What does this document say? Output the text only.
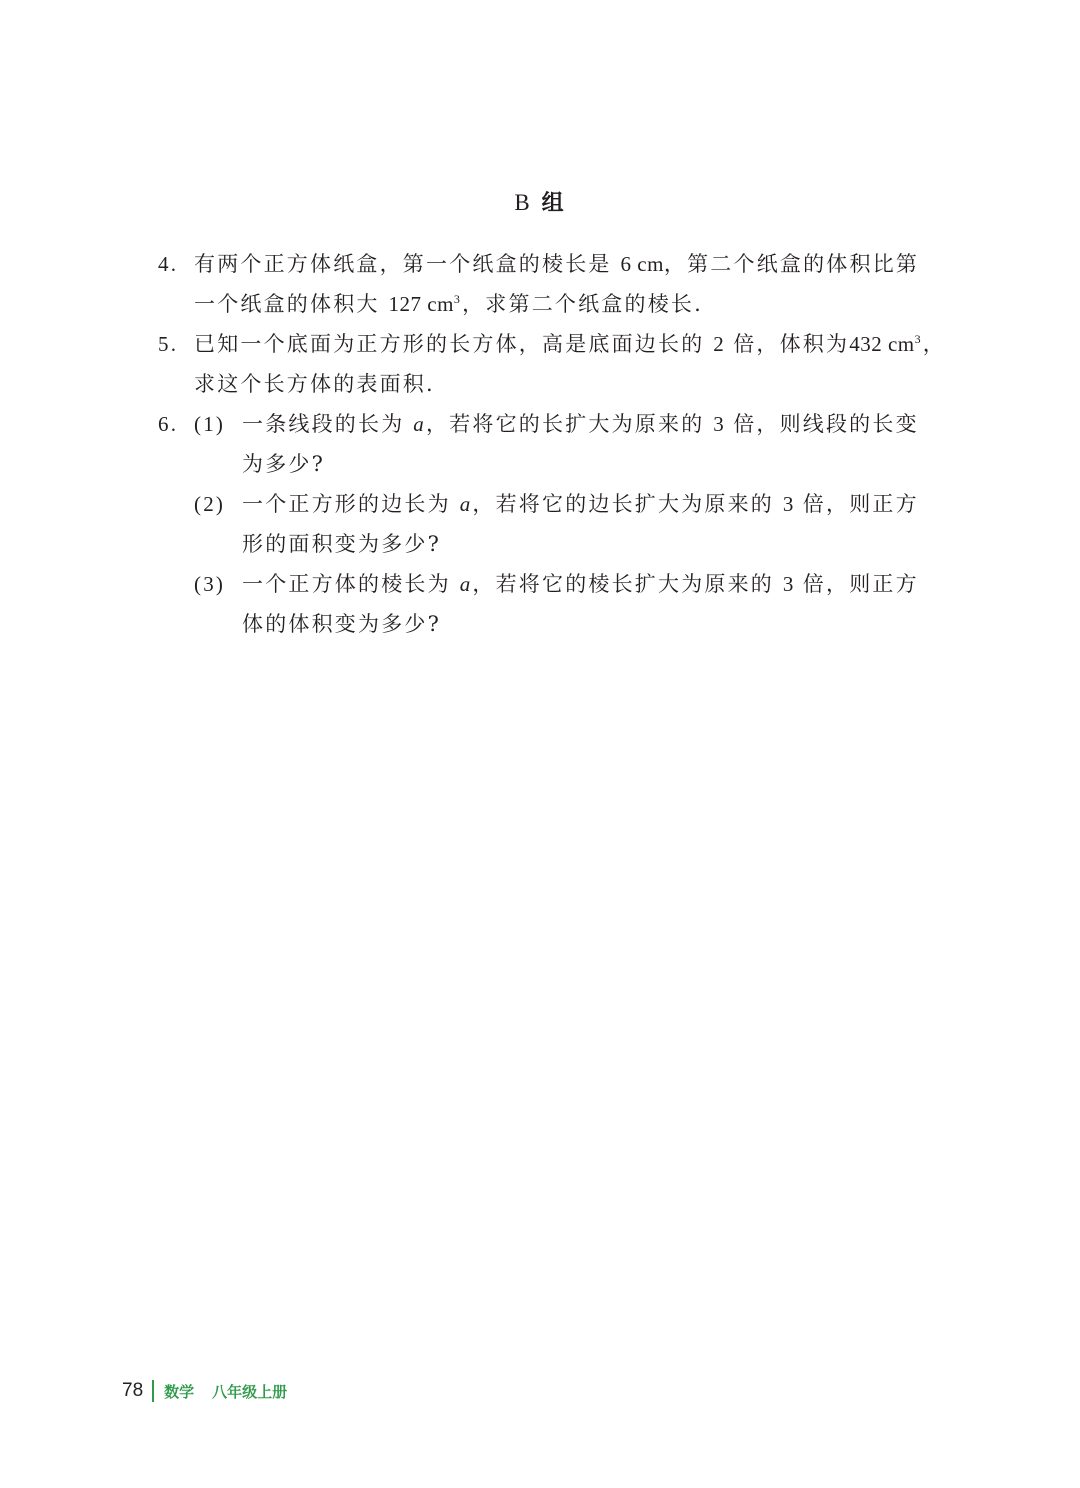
B 组
4. 有两个正方体纸盒，第一个纸盒的棱长是 6 cm，第二个纸盒的体积比第
一个纸盒的体积大 127 $cm^3$，求第二个纸盒的棱长.
5. 已知一个底面为正方形的长方体，高是底面边长的 2 倍，体积为432 $cm^3$，
求这个长方体的表面积.
6. (1) 一条线段的长为 a，若将它的长扩大为原来的 3 倍，则线段的长变
为多少?
(2) 一个正方形的边长为 a，若将它的边长扩大为原来的 3 倍，则正方
形的面积变为多少?
(3) 一个正方体的棱长为 a，若将它的棱长扩大为原来的 3 倍，则正方
体的体积变为多少?
78 数学 八年级上册
